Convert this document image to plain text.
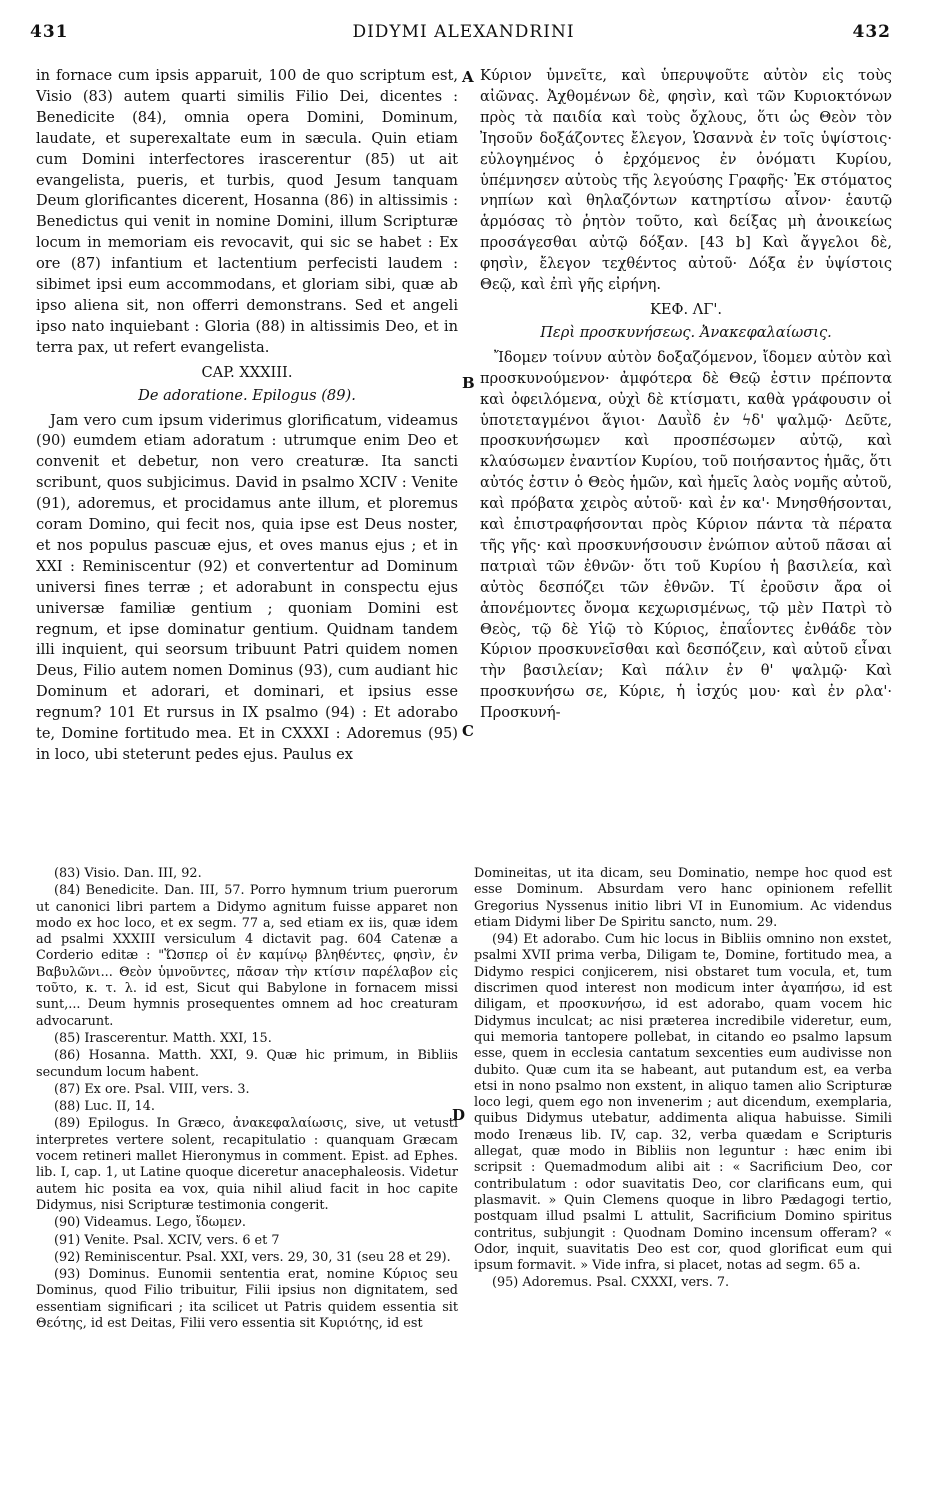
431	DIDYMI ALEXANDRINI	432
A
B
C
D

in fornace cum ipsis apparuit, 100 de quo scriptum est, Visio (83) autem quarti similis Filio Dei, dicentes : Benedicite (84), omnia opera Domini, Dominum, laudate, et superexaltate eum in sæcula. Quin etiam cum Domini interfectores irascerentur (85) ut ait evangelista, pueris, et turbis, quod Jesum tanquam Deum glorificantes dicerent, Hosanna (86) in altissimis : Benedictus qui venit in nomine Domini, illum Scripturæ locum in memoriam eis revocavit, qui sic se habet : Ex ore (87) infantium et lactentium perfecisti laudem : sibimet ipsi eum accommodans, et gloriam sibi, quæ ab ipso aliena sit, non offerri demonstrans. Sed et angeli ipso nato inquiebant : Gloria (88) in altissimis Deo, et in terra pax, ut refert evangelista.

CAP. XXXIII.
De adoratione. Epilogus (89).

Jam vero cum ipsum viderimus glorificatum, videamus (90) eumdem etiam adoratum : utrumque enim Deo et convenit et debetur, non vero creaturæ. Ita sancti scribunt, quos subjicimus. David in psalmo XCIV : Venite (91), adoremus, et procidamus ante illum, et ploremus coram Domino, qui fecit nos, quia ipse est Deus noster, et nos populus pascuæ ejus, et oves manus ejus ; et in XXI : Reminiscentur (92) et convertentur ad Dominum universi fines terræ ; et adorabunt in conspectu ejus universæ familiæ gentium ; quoniam Domini est regnum, et ipse dominatur gentium. Quidnam tandem illi inquient, qui seorsum tribuunt Patri quidem nomen Deus, Filio autem nomen Dominus (93), cum audiant hic Dominum et adorari, et dominari, et ipsius esse regnum? 101 Et rursus in IX psalmo (94) : Et adorabo te, Domine fortitudo mea. Et in CXXXI : Adoremus (95) in loco, ubi steterunt pedes ejus. Paulus ex

Κύριον ὑμνεῖτε, καὶ ὑπερυψοῦτε αὐτὸν εἰς τοὺς αἰῶνας. Ἀχθομένων δὲ, φησὶν, καὶ τῶν Κυριοκτόνων πρὸς τὰ παιδία καὶ τοὺς ὄχλους, ὅτι ὡς Θεὸν τὸν Ἰησοῦν δοξάζοντες ἔλεγον, Ὡσαννὰ ἐν τοῖς ὑψίστοις· εὐλογημένος ὁ ἐρχόμενος ἐν ὀνόματι Κυρίου, ὑπέμνησεν αὐτοὺς τῆς λεγούσης Γραφῆς· Ἐκ στόματος νηπίων καὶ θηλαζόντων κατηρτίσω αἶνον· ἑαυτῷ ἁρμόσας τὸ ῥητὸν τοῦτο, καὶ δείξας μὴ ἀνοικείως προσάγεσθαι αὐτῷ δόξαν. [43 b] Καὶ ἄγγελοι δὲ, φησὶν, ἔλεγον τεχθέντος αὐτοῦ· Δόξα ἐν ὑψίστοις Θεῷ, καὶ ἐπὶ γῆς εἰρήνη.

ΚΕΦ. ΛΓ'.
Περὶ προσκυνήσεως. Ἀνακεφαλαίωσις.

Ἴδομεν τοίνυν αὐτὸν δοξαζόμενον, ἴδομεν αὐτὸν καὶ προσκυνούμενον· ἀμφότερα δὲ Θεῷ ἐστιν πρέποντα καὶ ὀφειλόμενα, οὐχὶ δὲ κτίσματι, καθὰ γράφουσιν οἱ ὑποτεταγμένοι ἅγιοι· Δαυῒδ ἐν ϟδ' ψαλμῷ· Δεῦτε, προσκυνήσωμεν καὶ προσπέσωμεν αὐτῷ, καὶ κλαύσωμεν ἐναντίον Κυρίου, τοῦ ποιήσαντος ἡμᾶς, ὅτι αὐτός ἐστιν ὁ Θεὸς ἡμῶν, καὶ ἡμεῖς λαὸς νομῆς αὐτοῦ, καὶ πρόβατα χειρὸς αὐτοῦ· καὶ ἐν κα'· Μνησθήσονται, καὶ ἐπιστραφήσονται πρὸς Κύριον πάντα τὰ πέρατα τῆς γῆς· καὶ προσκυνήσουσιν ἐνώπιον αὐτοῦ πᾶσαι αἱ πατριαὶ τῶν ἐθνῶν· ὅτι τοῦ Κυρίου ἡ βασιλεία, καὶ αὐτὸς δεσπόζει τῶν ἐθνῶν. Τί ἐροῦσιν ἄρα οἱ ἀπονέμοντες ὄνομα κεχωρισμένως, τῷ μὲν Πατρὶ τὸ Θεὸς, τῷ δὲ Υἱῷ τὸ Κύριος, ἐπαΐοντες ἐνθάδε τὸν Κύριον προσκυνεῖσθαι καὶ δεσπόζειν, καὶ αὐτοῦ εἶναι τὴν βασιλείαν; Καὶ πάλιν ἐν θ' ψαλμῷ· Καὶ προσκυνήσω σε, Κύριε, ἡ ἰσχύς μου· καὶ ἐν ρλα'· Προσκυνή-

(83) Visio. Dan. III, 92.

(84) Benedicite. Dan. III, 57. Porro hymnum trium puerorum ut canonici libri partem a Didymo agnitum fuisse apparet non modo ex hoc loco, et ex segm. 77 a, sed etiam ex iis, quæ idem ad psalmi XXXIII versiculum 4 dictavit pag. 604 Catenæ a Corderio editæ : "Ὥσπερ οἱ ἐν καμίνῳ βληθέντες, φησὶν, ἐν Βαβυλῶνι... Θεὸν ὑμνοῦντες, πᾶσαν τὴν κτίσιν παρέλαβον εἰς τοῦτο, κ. τ. λ. id est, Sicut qui Babylone in fornacem missi sunt,... Deum hymnis prosequentes omnem ad hoc creaturam advocarunt.

(85) Irascerentur. Matth. XXI, 15.

(86) Hosanna. Matth. XXI, 9. Quæ hic primum, in Bibliis secundum locum habent.

(87) Ex ore. Psal. VIII, vers. 3.

(88) Luc. II, 14.

(89) Epilogus. In Græco, ἀνακεφαλαίωσις, sive, ut vetusti interpretes vertere solent, recapitulatio : quanquam Græcam vocem retineri mallet Hieronymus in comment. Epist. ad Ephes. lib. I, cap. 1, ut Latine quoque diceretur anacephaleosis. Videtur autem hic posita ea vox, quia nihil aliud facit in hoc capite Didymus, nisi Scripturæ testimonia congerit.

(90) Videamus. Lego, ἴδωμεν.

(91) Venite. Psal. XCIV, vers. 6 et 7

(92) Reminiscentur. Psal. XXI, vers. 29, 30, 31 (seu 28 et 29).

(93) Dominus. Eunomii sententia erat, nomine Κύριος seu Dominus, quod Filio tribuitur, Filii ipsius non dignitatem, sed essentiam significari ; ita scilicet ut Patris quidem essentia sit Θεότης, id est Deitas, Filii vero essentia sit Κυριότης, id est

Domineitas, ut ita dicam, seu Dominatio, nempe hoc quod est esse Dominum. Absurdam vero hanc opinionem refellit Gregorius Nyssenus initio libri VI in Eunomium. Ac videndus etiam Didymi liber De Spiritu sancto, num. 29.

(94) Et adorabo. Cum hic locus in Bibliis omnino non exstet, psalmi XVII prima verba, Diligam te, Domine, fortitudo mea, a Didymo respici conjicerem, nisi obstaret tum vocula, et, tum discrimen quod interest non modicum inter ἀγαπήσω, id est diligam, et προσκυνήσω, id est adorabo, quam vocem hic Didymus inculcat; ac nisi præterea incredibile videretur, eum, qui memoria tantopere pollebat, in citando eo psalmo lapsum esse, quem in ecclesia cantatum sexcenties eum audivisse non dubito. Quæ cum ita se habeant, aut putandum est, ea verba etsi in nono psalmo non exstent, in aliquo tamen alio Scripturæ loco legi, quem ego non invenerim ; aut dicendum, exemplaria, quibus Didymus utebatur, addimenta aliqua habuisse. Simili modo Irenæus lib. IV, cap. 32, verba quædam e Scripturis allegat, quæ modo in Bibliis non leguntur : hæc enim ibi scripsit : Quemadmodum alibi ait : « Sacrificium Deo, cor contribulatum : odor suavitatis Deo, cor clarificans eum, qui plasmavit. » Quin Clemens quoque in libro Pædagogi tertio, postquam illud psalmi L attulit, Sacrificium Domino spiritus contritus, subjungit : Quodnam Domino incensum offeram? « Odor, inquit, suavitatis Deo est cor, quod glorificat eum qui ipsum formavit. » Vide infra, si placet, notas ad segm. 65 a.

(95) Adoremus. Psal. CXXXI, vers. 7.
